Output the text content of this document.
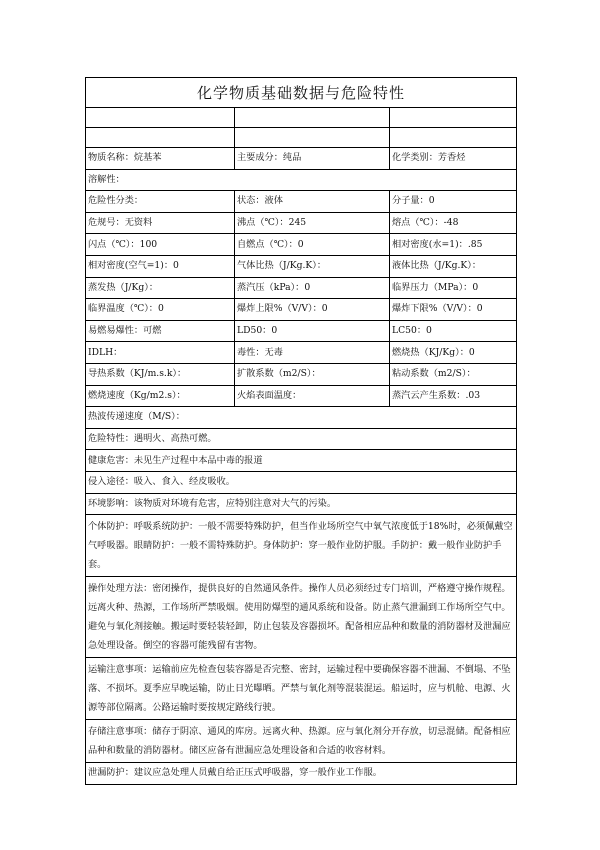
化学物质基础数据与危险特性		

物质名称：烷基苯	主要成分：纯品	化学类别：芳香烃
溶解性：		
危险性分类：	状态：液体	分子量：0
危规号：无资料	沸点（℃）：245	熔点（℃）：-48
闪点（℃）：100	自燃点（℃）：0	相对密度(水=1)：.85
相对密度(空气=1)：0	气体比热（J/Kg.K）：	液体比热（J/Kg.K）：
蒸发热（J/Kg）：	蒸汽压（kPa）：0	临界压力（MPa）：0
临界温度（℃）：0	爆炸上限%（V/V）：0	爆炸下限%（V/V）：0
易燃易爆性：可燃	LD50：0	LC50：0
IDLH：	毒性：无毒	燃烧热（KJ/Kg）：0
导热系数（KJ/m.s.k）：	扩散系数（m2/S）：	粘动系数（m2/S）：
燃烧速度（Kg/m2.s）：	火焰表面温度：	蒸汽云产生系数：.03
热波传递速度（M/S）：		
危险特性：遇明火、高热可燃。		
健康危害：未见生产过程中本品中毒的报道		
侵入途径：吸入、食入、经皮吸收。		
环境影响：该物质对环境有危害，应特别注意对大气的污染。		
个体防护：呼吸系统防护：一般不需要特殊防护，但当作业场所空气中氧气浓度低于18%时，必须佩戴空气呼吸器。眼睛防护：一般不需特殊防护。身体防护：穿一般作业防护服。手防护：戴一般作业防护手套。		
操作处理方法：密闭操作，提供良好的自然通风条件。操作人员必须经过专门培训，严格遵守操作规程。远离火种、热源，工作场所严禁吸烟。使用防爆型的通风系统和设备。防止蒸气泄漏到工作场所空气中。避免与氧化剂接触。搬运时要轻装轻卸，防止包装及容器损坏。配备相应品种和数量的消防器材及泄漏应急处理设备。倒空的容器可能残留有害物。		
运输注意事项：运输前应先检查包装容器是否完整、密封，运输过程中要确保容器不泄漏、不倒塌、不坠落、不损坏。夏季应早晚运输，防止日光曝晒。严禁与氧化剂等混装混运。船运时，应与机舱、电源、火源等部位隔离。公路运输时要按规定路线行驶。		
存储注意事项：储存于阴凉、通风的库房。远离火种、热源。应与氧化剂分开存放，切忌混储。配备相应品种和数量的消防器材。储区应备有泄漏应急处理设备和合适的收容材料。		
泄漏防护：建议应急处理人员戴自给正压式呼吸器，穿一般作业工作服。		
